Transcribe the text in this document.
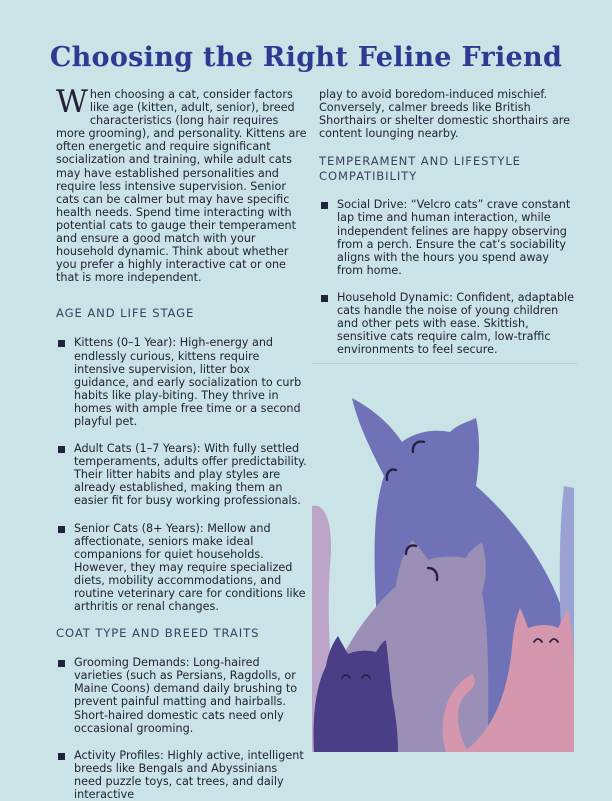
Choosing the Right Feline Friend

When choosing a cat, consider factors like age (kitten, adult, senior), breed characteristics (long hair requires more grooming), and personality. Kittens are often energetic and require significant socialization and training, while adult cats may have established personalities and require less intensive supervision. Senior cats can be calmer but may have specific health needs. Spend time interacting with potential cats to gauge their temperament and ensure a good match with your household dynamic. Think about whether you prefer a highly interactive cat or one that is more independent.

AGE AND LIFE STAGE
Kittens (0–1 Year): High-energy and endlessly curious, kittens require intensive supervision, litter box guidance, and early socialization to curb habits like play-biting. They thrive in homes with ample free time or a second playful pet.
Adult Cats (1–7 Years): With fully settled temperaments, adults offer predictability. Their litter habits and play styles are already established, making them an easier fit for busy working professionals.
Senior Cats (8+ Years): Mellow and affectionate, seniors make ideal companions for quiet households. However, they may require specialized diets, mobility accommodations, and routine veterinary care for conditions like arthritis or renal changes.
COAT TYPE AND BREED TRAITS
Grooming Demands: Long-haired varieties (such as Persians, Ragdolls, or Maine Coons) demand daily brushing to prevent painful matting and hairballs. Short-haired domestic cats need only occasional grooming.
Activity Profiles: Highly active, intelligent breeds like Bengals and Abyssinians need puzzle toys, cat trees, and daily interactive

play to avoid boredom-induced mischief. Conversely, calmer breeds like British Shorthairs or shelter domestic shorthairs are content lounging nearby.

TEMPERAMENT AND LIFESTYLE COMPATIBILITY
Social Drive: “Velcro cats” crave constant lap time and human interaction, while independent felines are happy observing from a perch. Ensure the cat’s sociability aligns with the hours you spend away from home.
Household Dynamic: Confident, adaptable cats handle the noise of young children and other pets with ease. Skittish, sensitive cats require calm, low-traffic environments to feel secure.
